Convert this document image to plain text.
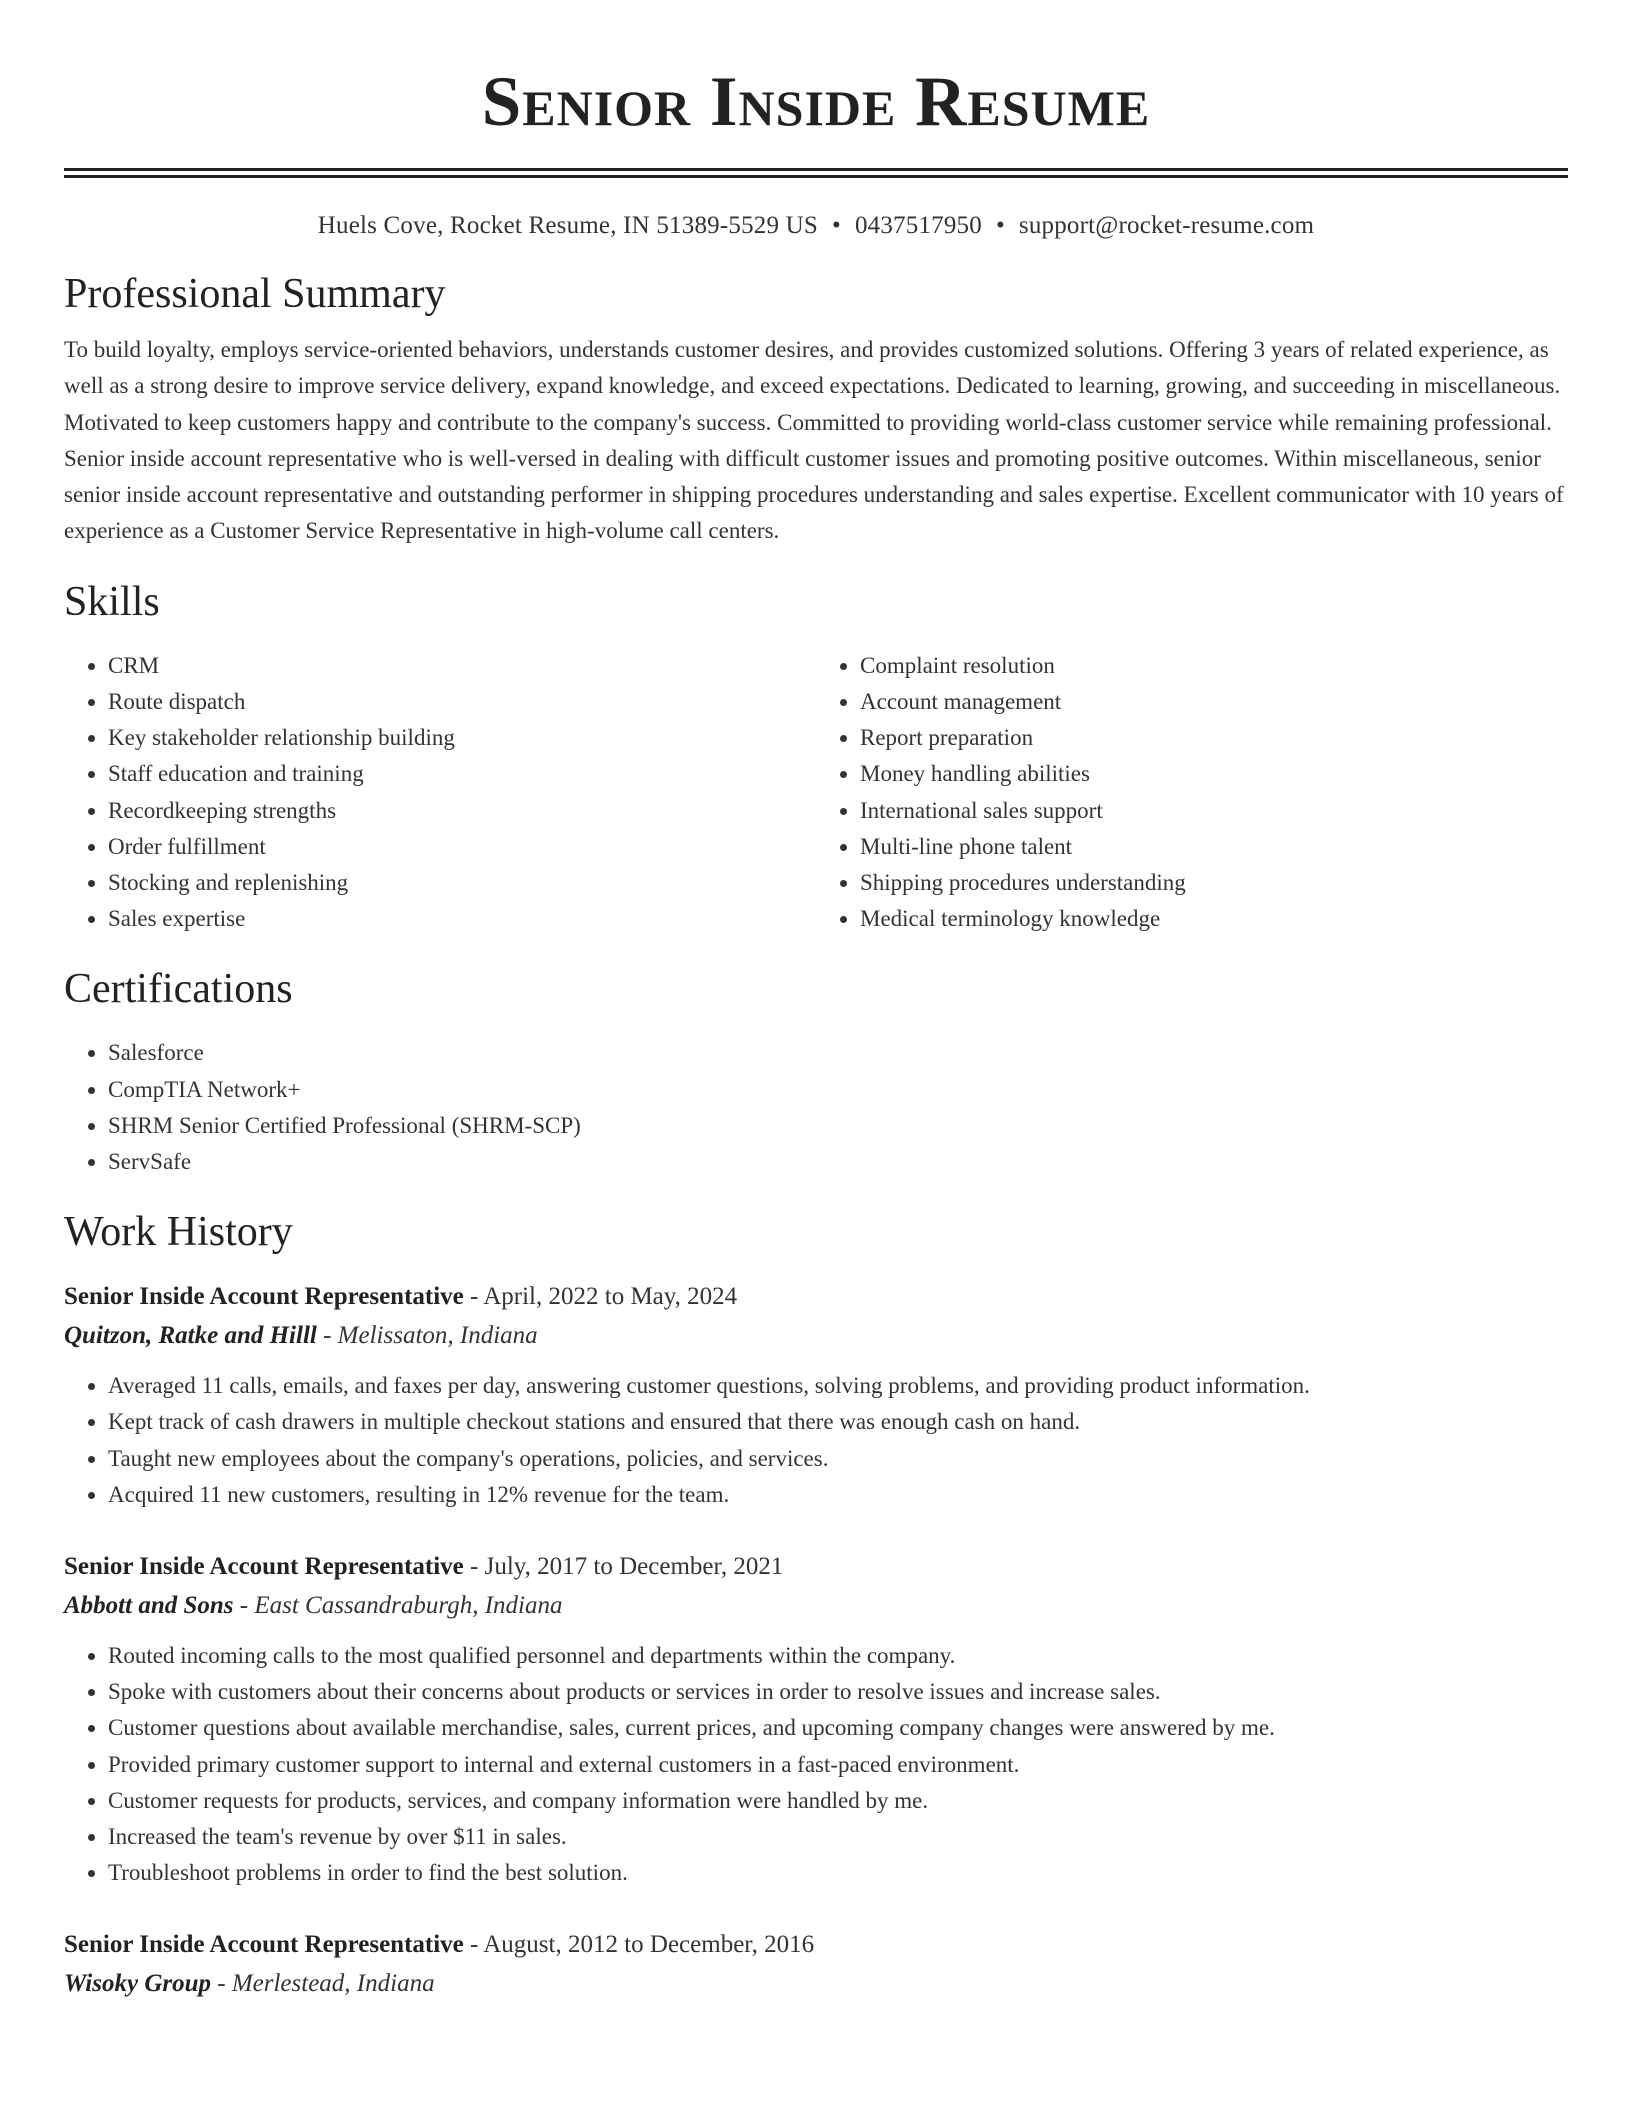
Senior Inside Resume
Huels Cove, Rocket Resume, IN 51389-5529 US • 0437517950 • support@rocket-resume.com
Professional Summary

To build loyalty, employs service-oriented behaviors, understands customer desires, and provides customized solutions. Offering 3 years of related experience, as well as a strong desire to improve service delivery, expand knowledge, and exceed expectations. Dedicated to learning, growing, and succeeding in miscellaneous. Motivated to keep customers happy and contribute to the company's success. Committed to providing world-class customer service while remaining professional. Senior inside account representative who is well-versed in dealing with difficult customer issues and promoting positive outcomes. Within miscellaneous, senior senior inside account representative and outstanding performer in shipping procedures understanding and sales expertise. Excellent communicator with 10 years of experience as a Customer Service Representative in high-volume call centers.

Skills
• CRM
• Route dispatch
• Key stakeholder relationship building
• Staff education and training
• Recordkeeping strengths
• Order fulfillment
• Stocking and replenishing
• Sales expertise
• Complaint resolution
• Account management
• Report preparation
• Money handling abilities
• International sales support
• Multi-line phone talent
• Shipping procedures understanding
• Medical terminology knowledge
Certifications
• Salesforce
• CompTIA Network+
• SHRM Senior Certified Professional (SHRM-SCP)
• ServSafe
Work History
Senior Inside Account Representative - April, 2022 to May, 2024
Quitzon, Ratke and Hilll - Melissaton, Indiana
• Averaged 11 calls, emails, and faxes per day, answering customer questions, solving problems, and providing product information.
• Kept track of cash drawers in multiple checkout stations and ensured that there was enough cash on hand.
• Taught new employees about the company's operations, policies, and services.
• Acquired 11 new customers, resulting in 12% revenue for the team.
Senior Inside Account Representative - July, 2017 to December, 2021
Abbott and Sons - East Cassandraburgh, Indiana
• Routed incoming calls to the most qualified personnel and departments within the company.
• Spoke with customers about their concerns about products or services in order to resolve issues and increase sales.
• Customer questions about available merchandise, sales, current prices, and upcoming company changes were answered by me.
• Provided primary customer support to internal and external customers in a fast-paced environment.
• Customer requests for products, services, and company information were handled by me.
• Increased the team's revenue by over $11 in sales.
• Troubleshoot problems in order to find the best solution.
Senior Inside Account Representative - August, 2012 to December, 2016
Wisoky Group - Merlestead, Indiana
